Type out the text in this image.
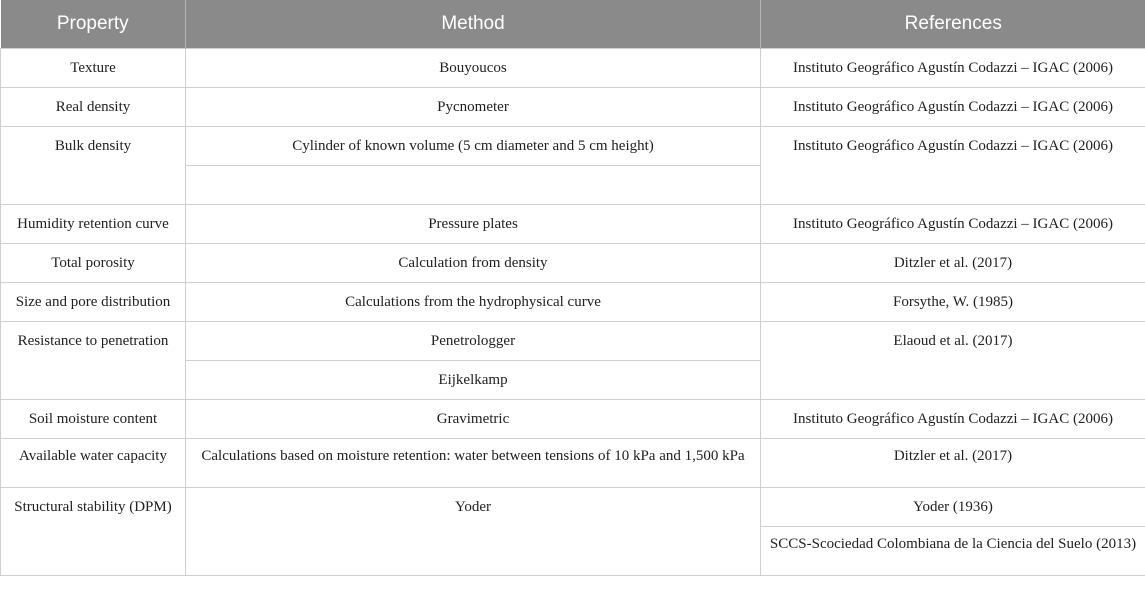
Property	Method	References
Texture	Bouyoucos	Instituto Geográfico Agustín Codazzi – IGAC (2006)
Real density	Pycnometer	Instituto Geográfico Agustín Codazzi – IGAC (2006)
Bulk density	Cylinder of known volume (5 cm diameter and 5 cm height)	Instituto Geográfico Agustín Codazzi – IGAC (2006)

Humidity retention curve	Pressure plates	Instituto Geográfico Agustín Codazzi – IGAC (2006)
Total porosity	Calculation from density	Ditzler et al. (2017)
Size and pore distribution	Calculations from the hydrophysical curve	Forsythe, W. (1985)
Resistance to penetration	Penetrologger	Elaoud et al. (2017)
	Eijkelkamp	
Soil moisture content	Gravimetric	Instituto Geográfico Agustín Codazzi – IGAC (2006)
Available water capacity	Calculations based on moisture retention: water between tensions of 10 kPa and 1,500 kPa	Ditzler et al. (2017)
Structural stability (DPM)	Yoder	Yoder (1936)
		SCCS-Scociedad Colombiana de la Ciencia del Suelo (2013)
